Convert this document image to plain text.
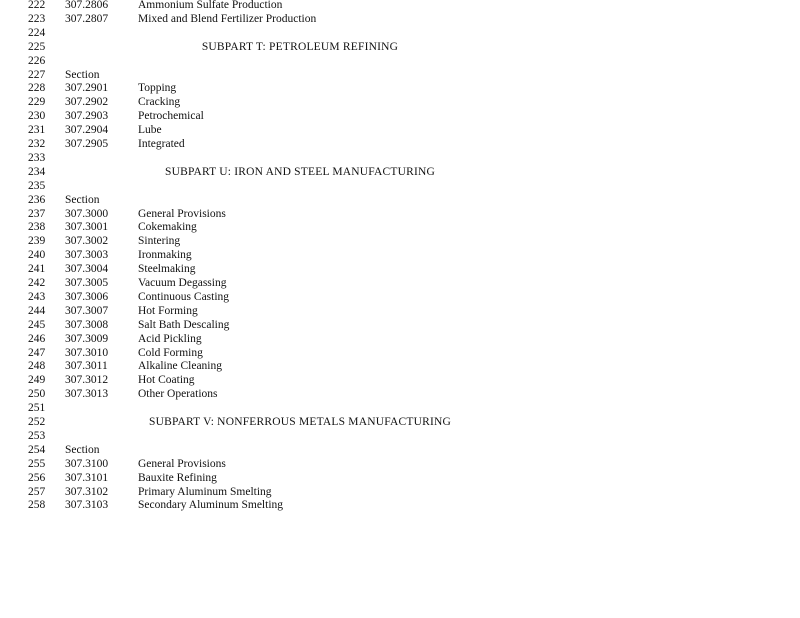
222	307.2806	Ammonium Sulfate Production
223	307.2807	Mixed and Blend Fertilizer Production
224
225	SUBPART T: PETROLEUM REFINING
226
227	Section
228	307.2901	Topping
229	307.2902	Cracking
230	307.2903	Petrochemical
231	307.2904	Lube
232	307.2905	Integrated
233
234	SUBPART U: IRON AND STEEL MANUFACTURING
235
236	Section
237	307.3000	General Provisions
238	307.3001	Cokemaking
239	307.3002	Sintering
240	307.3003	Ironmaking
241	307.3004	Steelmaking
242	307.3005	Vacuum Degassing
243	307.3006	Continuous Casting
244	307.3007	Hot Forming
245	307.3008	Salt Bath Descaling
246	307.3009	Acid Pickling
247	307.3010	Cold Forming
248	307.3011	Alkaline Cleaning
249	307.3012	Hot Coating
250	307.3013	Other Operations
251
252	SUBPART V: NONFERROUS METALS MANUFACTURING
253
254	Section
255	307.3100	General Provisions
256	307.3101	Bauxite Refining
257	307.3102	Primary Aluminum Smelting
258	307.3103	Secondary Aluminum Smelting
